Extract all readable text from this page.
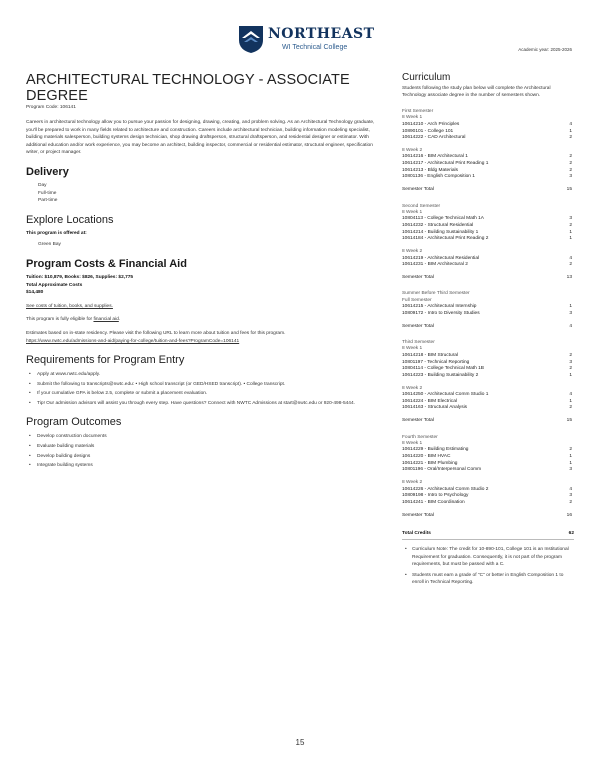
NORTHEAST
WI Technical College	Academic year: 2025-2026
ARCHITECTURAL TECHNOLOGY - ASSOCIATE DEGREE
Program Code: 106141
Careers in architectural technology allow you to pursue your passion for designing, drawing, creating, and problem solving. As an Architectural Technology graduate, you'll be prepared to work in many fields related to architecture and construction. Careers include architectural technician, building information modeling specialist, building materials salesperson, building systems design technician, shop drawing draftsperson, structural draftsperson, and residential designer or estimator. With additional education and/or work experience, you may become an architect, building inspector, commercial or residential estimator, structural engineer, specification writer, or project manager.
Delivery
Day
Full-time
Part-time
Explore Locations
This program is offered at:
Green Bay
Program Costs & Financial Aid
Tuition: $10,879, Books: $826, Supplies: $2,775
Total Approximate Costs
$14,480
See costs of tuition, books, and supplies.
This program is fully eligible for financial aid.
Estimates based on in-state residency. Please visit the following URL to learn more about tuition and fees for this program.
https://www.nwtc.edu/admissions-and-aid/paying-for-college/tuition-and-fees?ProgramCode=106141
Requirements for Program Entry
• Apply at www.nwtc.edu/apply.
• Submit the following to transcripts@nwtc.edu: • High school transcript (or GED/HSED transcript). • College transcript.
• If your cumulative GPA is below 2.5, complete or submit a placement evaluation.
• Tip! Our admission advisors will assist you through every step. Have questions? Connect with NWTC Admissions at start@nwtc.edu or 920-498-5444.
Program Outcomes
• Develop construction documents
• Evaluate building materials
• Develop building designs
• Integrate building systems
Curriculum
Students following the study plan below will complete the Architectural Technology associate degree in the number of semesters shown.
First Semester
8 Week 1
10614210 - Arch Principles	4
10890101 - College 101	1
10614222 - CAD Architectural	2
8 Week 2
10614216 - BIM Architectural 1	2
10614217 - Architectural Print Reading 1	2
10614213 - Bldg Materials	2
10801136 - English Composition 1	3
Semester Total	15
Second Semester
8 Week 1
10804113 - College Technical Math 1A	3
10614232 - Structural Residential	2
10614214 - Building Sustainability 1	1
10614184 - Architectural Print Reading 2	1
8 Week 2
10614219 - Architectural Residential	4
10614231 - BIM Architectural 2	2
Semester Total	13
Summer Before Third Semester
Full Semester
10614215 - Architectural Internship	1
10809172 - Intro to Diversity Studies	3
Semester Total	4
Third Semester
8 Week 1
10614218 - BIM Structural	2
10801197 - Technical Reporting	3
10804114 - College Technical Math 1B	2
10614223 - Building Sustainability 2	1
8 Week 2
10614250 - Architectural Comm Studio 1	4
10614224 - BIM Electrical	1
10614163 - Structural Analysis	2
Semester Total	15
Fourth Semester
8 Week 1
10614229 - Building Estimating	2
10614220 - BIM HVAC	1
10614221 - BIM Plumbing	1
10801196 - Oral/Interpersonal Comm	3
8 Week 2
10614226 - Architectural Comm Studio 2	4
10809198 - Intro to Psychology	3
10614241 - BIM Coordination	2
Semester Total	16
Total Credits	62
• Curriculum Note: The credit for 10-890-101, College 101 is an Institutional Requirement for graduation. Consequently, it is not part of the program requirements, but must be passed with a C.
• Students must earn a grade of "C" or better in English Composition 1 to enroll in Technical Reporting.
15
